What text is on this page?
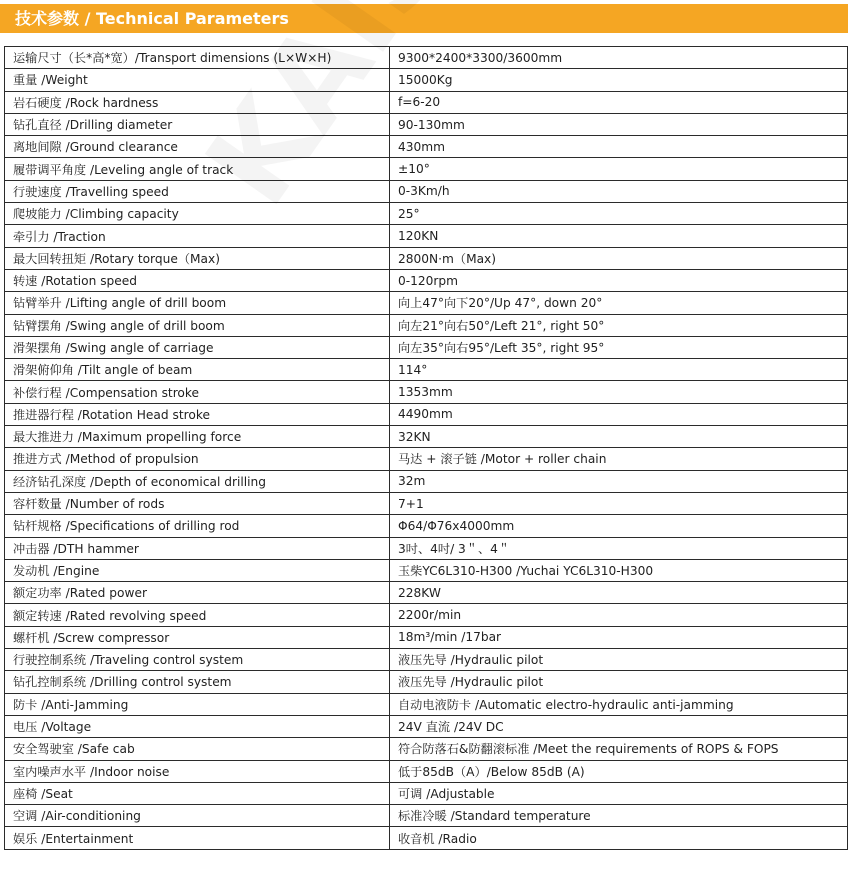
技术参数 / Technical Parameters
运输尺寸（长*高*宽）/Transport dimensions (L×W×H)	9300*2400*3300/3600mm
重量 /Weight	15000Kg
岩石硬度 /Rock hardness	f=6-20
钻孔直径 /Drilling diameter	90-130mm
离地间隙 /Ground clearance	430mm
履带调平角度 /Leveling angle of track	±10°
行驶速度 /Travelling speed	0-3Km/h
爬坡能力 /Climbing capacity	25°
牵引力 /Traction	120KN
最大回转扭矩 /Rotary torque（Max)	2800N·m（Max)
转速 /Rotation speed	0-120rpm
钻臂举升 /Lifting angle of drill boom	向上47°向下20°/Up 47°, down 20°
钻臂摆角 /Swing angle of drill boom	向左21°向右50°/Left 21°, right 50°
滑架摆角 /Swing angle of carriage	向左35°向右95°/Left 35°, right 95°
滑架俯仰角 /Tilt angle of beam	114°
补偿行程 /Compensation stroke	1353mm
推进器行程 /Rotation Head stroke	4490mm
最大推进力 /Maximum propelling force	32KN
推进方式 /Method of propulsion	马达 + 滚子链 /Motor + roller chain
经济钻孔深度 /Depth of economical drilling	32m
容杆数量 /Number of rods	7+1
钻杆规格 /Specifications of drilling rod	Φ64/Φ76x4000mm
冲击器 /DTH hammer	3吋、4吋/ 3＂、4＂
发动机 /Engine	玉柴YC6L310-H300 /Yuchai YC6L310-H300
额定功率 /Rated power	228KW
额定转速 /Rated revolving speed	2200r/min
螺杆机 /Screw compressor	18m³/min /17bar
行驶控制系统 /Traveling control system	液压先导 /Hydraulic pilot
钻孔控制系统 /Drilling control system	液压先导 /Hydraulic pilot
防卡 /Anti-Jamming	自动电液防卡 /Automatic electro-hydraulic anti-jamming
电压 /Voltage	24V 直流 /24V DC
安全驾驶室 /Safe cab	符合防落石&防翻滚标准 /Meet the requirements of ROPS & FOPS
室内噪声水平 /Indoor noise	低于85dB（A）/Below 85dB (A)
座椅 /Seat	可调 /Adjustable
空调 /Air-conditioning	标准冷暖 /Standard temperature
娱乐 /Entertainment	收音机 /Radio
